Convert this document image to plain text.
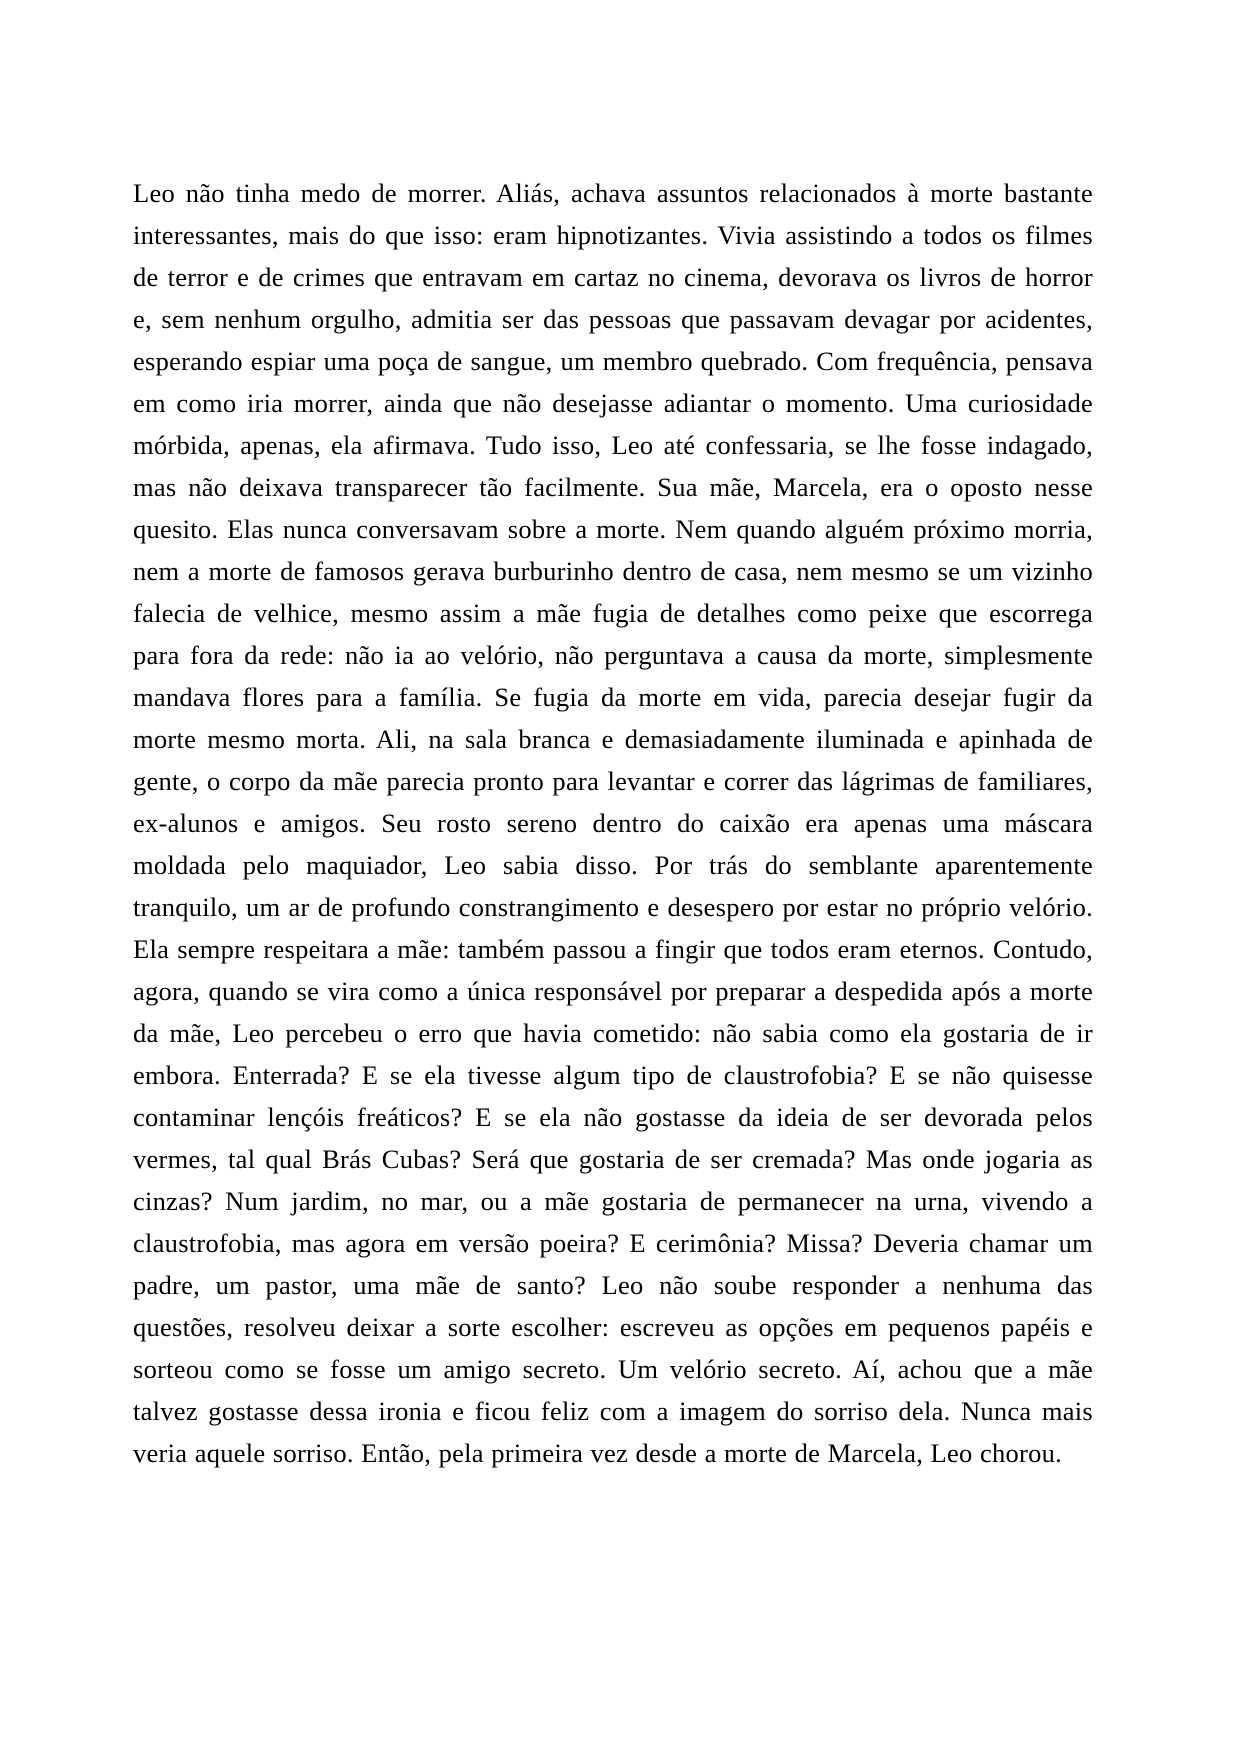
Leo não tinha medo de morrer. Aliás, achava assuntos relacionados à morte bastante interessantes, mais do que isso: eram hipnotizantes. Vivia assistindo a todos os filmes de terror e de crimes que entravam em cartaz no cinema, devorava os livros de horror e, sem nenhum orgulho, admitia ser das pessoas que passavam devagar por acidentes, esperando espiar uma poça de sangue, um membro quebrado. Com frequência, pensava em como iria morrer, ainda que não desejasse adiantar o momento. Uma curiosidade mórbida, apenas, ela afirmava. Tudo isso, Leo até confessaria, se lhe fosse indagado, mas não deixava transparecer tão facilmente. Sua mãe, Marcela, era o oposto nesse quesito. Elas nunca conversavam sobre a morte. Nem quando alguém próximo morria, nem a morte de famosos gerava burburinho dentro de casa, nem mesmo se um vizinho falecia de velhice, mesmo assim a mãe fugia de detalhes como peixe que escorrega para fora da rede: não ia ao velório, não perguntava a causa da morte, simplesmente mandava flores para a família. Se fugia da morte em vida, parecia desejar fugir da morte mesmo morta. Ali, na sala branca e demasiadamente iluminada e apinhada de gente, o corpo da mãe parecia pronto para levantar e correr das lágrimas de familiares, ex-alunos e amigos. Seu rosto sereno dentro do caixão era apenas uma máscara moldada pelo maquiador, Leo sabia disso. Por trás do semblante aparentemente tranquilo, um ar de profundo constrangimento e desespero por estar no próprio velório. Ela sempre respeitara a mãe: também passou a fingir que todos eram eternos. Contudo, agora, quando se vira como a única responsável por preparar a despedida após a morte da mãe, Leo percebeu o erro que havia cometido: não sabia como ela gostaria de ir embora. Enterrada? E se ela tivesse algum tipo de claustrofobia? E se não quisesse contaminar lençóis freáticos? E se ela não gostasse da ideia de ser devorada pelos vermes, tal qual Brás Cubas? Será que gostaria de ser cremada? Mas onde jogaria as cinzas? Num jardim, no mar, ou a mãe gostaria de permanecer na urna, vivendo a claustrofobia, mas agora em versão poeira? E cerimônia? Missa? Deveria chamar um padre, um pastor, uma mãe de santo? Leo não soube responder a nenhuma das questões, resolveu deixar a sorte escolher: escreveu as opções em pequenos papéis e sorteou como se fosse um amigo secreto. Um velório secreto. Aí, achou que a mãe talvez gostasse dessa ironia e ficou feliz com a imagem do sorriso dela. Nunca mais veria aquele sorriso. Então, pela primeira vez desde a morte de Marcela, Leo chorou.
